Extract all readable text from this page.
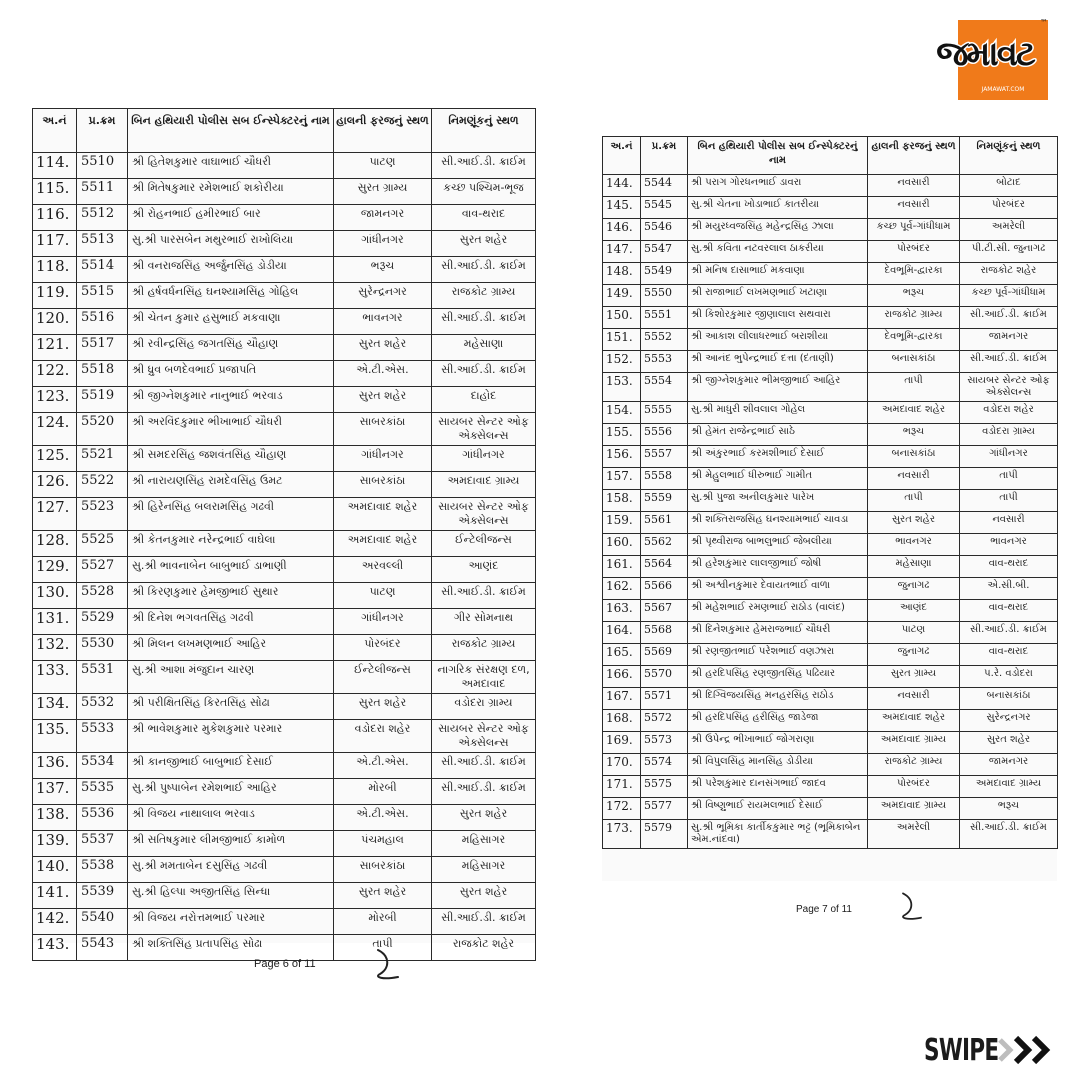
જમાવટ
™
JAMAWAT.COM
અ.નં	પ્ર.ક્રમ	બિન હથિયારી પોલીસ સબ ઈન્સ્પેક્ટરનું નામ	હાલની ફરજનું સ્થળ	નિમણૂંકનું સ્થળ
114.	5510	શ્રી હિતેશકુમાર વાઘાભાઈ ચૌધરી	પાટણ	સી.આઈ.ડી. ક્રાઈમ
115.	5511	શ્રી મિતેષકુમાર રમેશભાઈ શકોરીયા	સુરત ગ્રામ્ય	કચ્છ પશ્ચિમ-ભૂજ
116.	5512	શ્રી રોહનભાઈ હમીરભાઈ બાર	જામનગર	વાવ-થરાદ
117.	5513	સુ.શ્રી પારસબેન મથુરભાઈ રાખોલિયા	ગાંધીનગર	સુરત શહેર
118.	5514	શ્રી વનરાજસિંહ અર્જુનસિંહ ડોડીયા	ભરૂચ	સી.આઈ.ડી. ક્રાઈમ
119.	5515	શ્રી હર્ષવર્ધનસિંહ ઘનશ્યામસિંહ ગોહિલ	સુરેન્દ્રનગર	રાજકોટ ગ્રામ્ય
120.	5516	શ્રી ચેતન કુમાર હસુભાઈ મકવાણા	ભાવનગર	સી.આઈ.ડી. ક્રાઈમ
121.	5517	શ્રી રવીન્દ્રસિંહ જગતસિંહ ચૌહાણ	સુરત શહેર	મહેસાણા
122.	5518	શ્રી ધ્રુવ બળદેવભાઈ પ્રજાપતિ	એ.ટી.એસ.	સી.આઈ.ડી. ક્રાઈમ
123.	5519	શ્રી જીગ્નેશકુમાર નાનુભાઈ ભરવાડ	સુરત શહેર	દાહોદ
124.	5520	શ્રી અરવિંદકુમાર ભીખાભાઈ ચૌધરી	સાબરકાંઠા	સાયબર સેન્ટર ઓફ એક્સેલન્સ
125.	5521	શ્રી સમદરસિંહ જશવંતસિંહ ચૌહાણ	ગાંધીનગર	ગાંધીનગર
126.	5522	શ્રી નારાયણસિંહ રામદેવસિંહ ઉમટ	સાબરકાંઠા	અમદાવાદ ગ્રામ્ય
127.	5523	શ્રી હિરેનસિંહ બલરામસિંહ ગઢવી	અમદાવાદ શહેર	સાયબર સેન્ટર ઓફ એક્સેલન્સ
128.	5525	શ્રી કેતનકુમાર નરેન્દ્રભાઈ વાઘેલા	અમદાવાદ શહેર	ઈન્ટેલીજન્સ
129.	5527	સુ.શ્રી ભાવનાબેન બાબુભાઈ ડાભાણી	અરવલ્લી	આણંદ
130.	5528	શ્રી કિરણકુમાર હેમજીભાઈ સુથાર	પાટણ	સી.આઈ.ડી. ક્રાઈમ
131.	5529	શ્રી દિનેશ ભગવતસિંહ ગઢવી	ગાંધીનગર	ગીર સોમનાથ
132.	5530	શ્રી મિલન લખમણભાઈ આહિર	પોરબંદર	રાજકોટ ગ્રામ્ય
133.	5531	સુ.શ્રી આશા મંજુદાન ચારણ	ઈન્ટેલીજન્સ	નાગરિક સંરક્ષણ દળ, અમદાવાદ
134.	5532	શ્રી પરીક્ષિતસિંહ કિરતસિંહ સોઢા	સુરત શહેર	વડોદરા ગ્રામ્ય
135.	5533	શ્રી ભાવેશકુમાર મુકેશકુમાર પરમાર	વડોદરા શહેર	સાયબર સેન્ટર ઓફ એક્સેલન્સ
136.	5534	શ્રી કાનજીભાઈ બાબુભાઈ દેસાઈ	એ.ટી.એસ.	સી.આઈ.ડી. ક્રાઈમ
137.	5535	સુ.શ્રી પુષ્પાબેન રમેશભાઈ આહિર	મોરબી	સી.આઈ.ડી. ક્રાઈમ
138.	5536	શ્રી વિજય નાથાલાલ ભરવાડ	એ.ટી.એસ.	સુરત શહેર
139.	5537	શ્રી સતિષકુમાર લીમજીભાઈ કામોળ	પંચમહાલ	મહિસાગર
140.	5538	સુ.શ્રી મમતાબેન દસુસિંહ ગઢવી	સાબરકાંઠા	મહિસાગર
141.	5539	સુ.શ્રી હિલ્પા અજીતસિંહ સિન્ધા	સુરત શહેર	સુરત શહેર
142.	5540	શ્રી વિજય નરોત્તમભાઈ પરમાર	મોરબી	સી.આઈ.ડી. ક્રાઈમ
143.	5543	શ્રી શક્તિસિંહ પ્રતાપસિંહ સોઢા	તાપી	રાજકોટ શહેર
Page 6 of 11
અ.નં	પ્ર.ક્રમ	બિન હથિયારી પોલીસ સબ ઈન્સ્પેક્ટરનું નામ	હાલની ફરજનું સ્થળ	નિમણૂંકનું સ્થળ
144.	5544	શ્રી પરાગ ગોરધનભાઈ ડાવરા	નવસારી	બોટાદ
145.	5545	સુ.શ્રી ચેતના ખોડાભાઈ કાતરીયા	નવસારી	પોરબંદર
146.	5546	શ્રી મયુરધ્વજસિંહ મહેન્દ્રસિંહ ઝાલા	કચ્છ પૂર્વ-ગાંધીધામ	અમરેલી
147.	5547	સુ.શ્રી કવિતા નટવરલાલ ઠાકરીયા	પોરબંદર	પી.ટી.સી. જુનાગઢ
148.	5549	શ્રી મનિષ દાસાભાઈ મકવાણા	દેવભૂમિ-દ્વારકા	રાજકોટ શહેર
149.	5550	શ્રી રાજાભાઈ લખમણભાઈ ખટાણા	ભરૂચ	કચ્છ પૂર્વ-ગાંધીધામ
150.	5551	શ્રી કિશોરકુમાર જીણાલાલ સથવારા	રાજકોટ ગ્રામ્ય	સી.આઈ.ડી. ક્રાઈમ
151.	5552	શ્રી આકાશ લીલાધરભાઈ બરાશીયા	દેવભૂમિ-દ્વારકા	જામનગર
152.	5553	શ્રી આનંદ ભુપેન્દ્રભાઈ દત્તા (દંતાણી)	બનાસકાંઠા	સી.આઈ.ડી. ક્રાઈમ
153.	5554	શ્રી જીગ્નેશકુમાર ભીમજીભાઈ આહિર	તાપી	સાયબર સેન્ટર ઓફ એક્સેલન્સ
154.	5555	સુ.શ્રી માધુરી શીવલાલ ગોહેલ	અમદાવાદ શહેર	વડોદરા શહેર
155.	5556	શ્રી હેમંત રાજેન્દ્રભાઈ સાઠે	ભરૂચ	વડોદરા ગ્રામ્ય
156.	5557	શ્રી અંકુરભાઈ કરમશીભાઈ દેસાઈ	બનાસકાંઠા	ગાંધીનગર
157.	5558	શ્રી મેહુલભાઈ ધીરુભાઈ ગામીત	નવસારી	તાપી
158.	5559	સુ.શ્રી પુજા અનીલકુમાર પારેખ	તાપી	તાપી
159.	5561	શ્રી શક્તિરાજસિંહ ઘનશ્યામભાઈ ચાવડા	સુરત શહેર	નવસારી
160.	5562	શ્રી પૃથ્વીરાજ બાભલુભાઈ જેબલીયા	ભાવનગર	ભાવનગર
161.	5564	શ્રી હરેશકુમાર લાલજીભાઈ જોષી	મહેસાણા	વાવ-થરાદ
162.	5566	શ્રી અશ્વીનકુમાર દેવાયતભાઈ વાળા	જુનાગઢ	એ.સી.બી.
163.	5567	શ્રી મહેશભાઈ રમણભાઈ રાઠોડ (વાલંદ)	આણંદ	વાવ-થરાદ
164.	5568	શ્રી દિનેશકુમાર હેમરાજભાઈ ચૌધરી	પાટણ	સી.આઈ.ડી. ક્રાઈમ
165.	5569	શ્રી રણજીતભાઈ પરેશભાઈ વણઝારા	જુનાગઢ	વાવ-થરાદ
166.	5570	શ્રી હરદિપસિંહ રણજીતસિંહ પઢિયાર	સુરત ગ્રામ્ય	પ.રે. વડોદરા
167.	5571	શ્રી દિગ્વિજયસિંહ મનહરસિંહ રાઠોડ	નવસારી	બનાસકાંઠા
168.	5572	શ્રી હરદિપસિંહ હરીસિંહ જાડેજા	અમદાવાદ શહેર	સુરેન્દ્રનગર
169.	5573	શ્રી ઉપેન્દ્ર ભીખાભાઈ જોગરાણા	અમદાવાદ ગ્રામ્ય	સુરત શહેર
170.	5574	શ્રી વિપુલસિંહ માનસિંહ ડોડીયા	રાજકોટ ગ્રામ્ય	જામનગર
171.	5575	શ્રી પરેશકુમાર દાનસંગભાઈ જાદવ	પોરબંદર	અમદાવાદ ગ્રામ્ય
172.	5577	શ્રી વિષ્ણુભાઈ રાયમલભાઈ દેસાઈ	અમદાવાદ ગ્રામ્ય	ભરૂચ
173.	5579	સુ.શ્રી ભૂમિકા કાર્તીકકુમાર ભટ્ટ (ભૂમિકાબેન એમ.નાંદવા)	અમરેલી	સી.આઈ.ડી. ક્રાઈમ
Page 7 of 11
SWIPE
